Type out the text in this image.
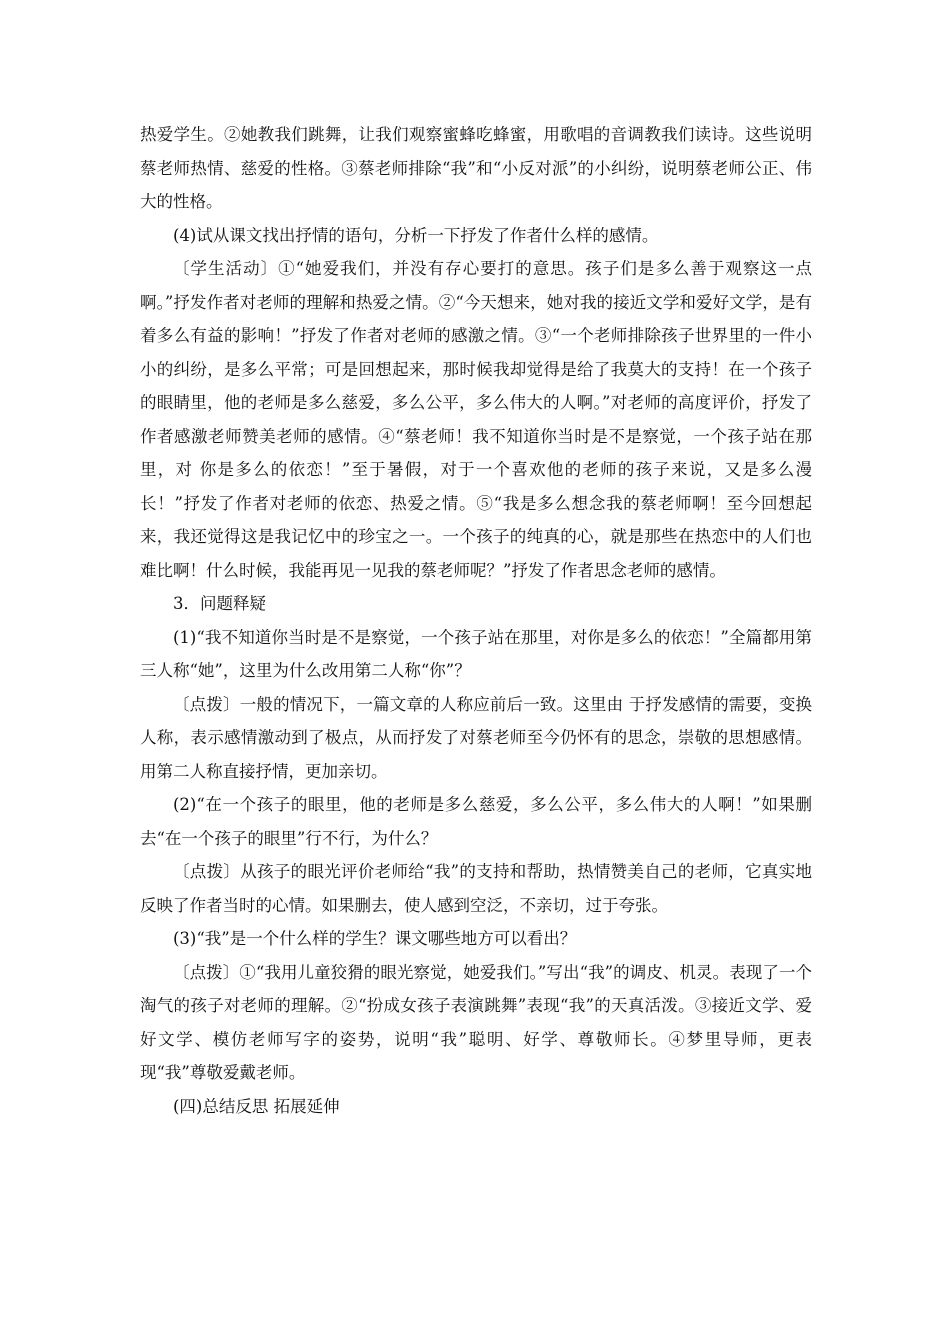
热爱学生。②她教我们跳舞，让我们观察蜜蜂吃蜂蜜，用歌唱的音调教我们读诗。这些说明蔡老师热情、慈爱的性格。③蔡老师排除“我”和“小反对派”的小纠纷，说明蔡老师公正、伟大的性格。

(4)试从课文找出抒情的语句，分析一下抒发了作者什么样的感情。

〔学生活动〕①“她爱我们，并没有存心要打的意思。孩子们是多么善于观察这一点啊。”抒发作者对老师的理解和热爱之情。②“今天想来，她对我的接近文学和爱好文学，是有着多么有益的影响！”抒发了作者对老师的感激之情。③“一个老师排除孩子世界里的一件小小的纠纷，是多么平常；可是回想起来，那时候我却觉得是给了我莫大的支持！在一个孩子的眼睛里，他的老师是多么慈爱，多么公平，多么伟大的人啊。”对老师的高度评价，抒发了作者感激老师赞美老师的感情。④“蔡老师！我不知道你当时是不是察觉，一个孩子站在那里，对 你是多么的依恋！”至于暑假，对于一个喜欢他的老师的孩子来说，又是多么漫长！”抒发了作者对老师的依恋、热爱之情。⑤“我是多么想念我的蔡老师啊！至今回想起来，我还觉得这是我记忆中的珍宝之一。一个孩子的纯真的心，就是那些在热恋中的人们也难比啊！什么时候，我能再见一见我的蔡老师呢？”抒发了作者思念老师的感情。

3．问题释疑

(1)“我不知道你当时是不是察觉，一个孩子站在那里，对你是多么的依恋！”全篇都用第三人称“她”，这里为什么改用第二人称“你”？

〔点拨〕一般的情况下，一篇文章的人称应前后一致。这里由 于抒发感情的需要，变换人称，表示感情激动到了极点，从而抒发了对蔡老师至今仍怀有的思念，崇敬的思想感情。用第二人称直接抒情，更加亲切。

(2)“在一个孩子的眼里，他的老师是多么慈爱，多么公平，多么伟大的人啊！”如果删去“在一个孩子的眼里”行不行，为什么？

〔点拨〕从孩子的眼光评价老师给“我”的支持和帮助，热情赞美自己的老师，它真实地反映了作者当时的心情。如果删去，使人感到空泛，不亲切，过于夸张。

(3)“我”是一个什么样的学生？课文哪些地方可以看出？

〔点拨〕①“我用儿童狡猾的眼光察觉，她爱我们。”写出“我”的调皮、机灵。表现了一个淘气的孩子对老师的理解。②“扮成女孩子表演跳舞”表现“我”的天真活泼。③接近文学、爱好文学、模仿老师写字的姿势，说明“我”聪明、好学、尊敬师长。④梦里导师，更表现“我”尊敬爱戴老师。

(四)总结反思 拓展延伸
